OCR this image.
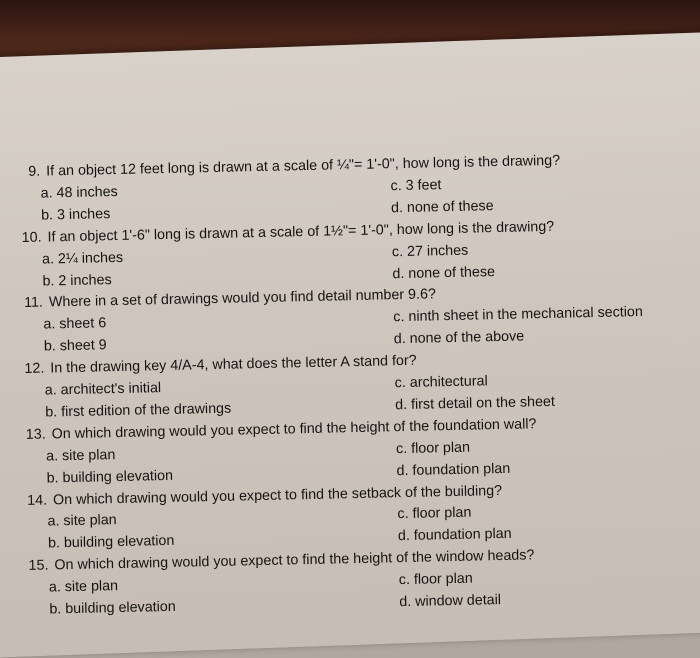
9. If an object 12 feet long is drawn at a scale of ¼"= 1'-0", how long is the drawing?
a. 48 inches
b. 3 inches
c. 3 feet
d. none of these
10. If an object 1'-6" long is drawn at a scale of 1½"= 1'-0", how long is the drawing?
a. 2¼ inches
b. 2 inches
c. 27 inches
d. none of these
11. Where in a set of drawings would you find detail number 9.6?
a. sheet 6
b. sheet 9
c. ninth sheet in the mechanical section
d. none of the above
12. In the drawing key 4/A-4, what does the letter A stand for?
a. architect's initial
b. first edition of the drawings
c. architectural
d. first detail on the sheet
13. On which drawing would you expect to find the height of the foundation wall?
a. site plan
b. building elevation
c. floor plan
d. foundation plan
14. On which drawing would you expect to find the setback of the building?
a. site plan
b. building elevation
c. floor plan
d. foundation plan
15. On which drawing would you expect to find the height of the window heads?
a. site plan
b. building elevation
c. floor plan
d. window detail
